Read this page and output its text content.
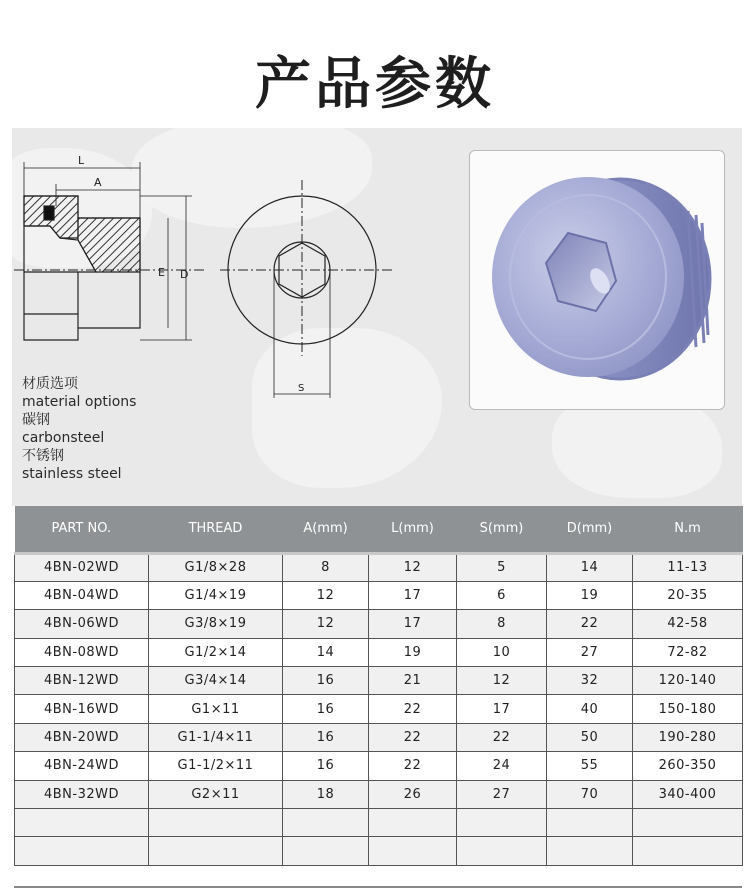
产品参数
L
A
E D
S
材质选项
material options
碳钢
carbonsteel
不锈钢
stainless steel
PART NO.	THREAD	A(mm)	L(mm)	S(mm)	D(mm)	N.m
4BN-02WD	G1/8×28	8	12	5	14	11-13
4BN-04WD	G1/4×19	12	17	6	19	20-35
4BN-06WD	G3/8×19	12	17	8	22	42-58
4BN-08WD	G1/2×14	14	19	10	27	72-82
4BN-12WD	G3/4×14	16	21	12	32	120-140
4BN-16WD	G1×11	16	22	17	40	150-180
4BN-20WD	G1-1/4×11	16	22	22	50	190-280
4BN-24WD	G1-1/2×11	16	22	24	55	260-350
4BN-32WD	G2×11	18	26	27	70	340-400
